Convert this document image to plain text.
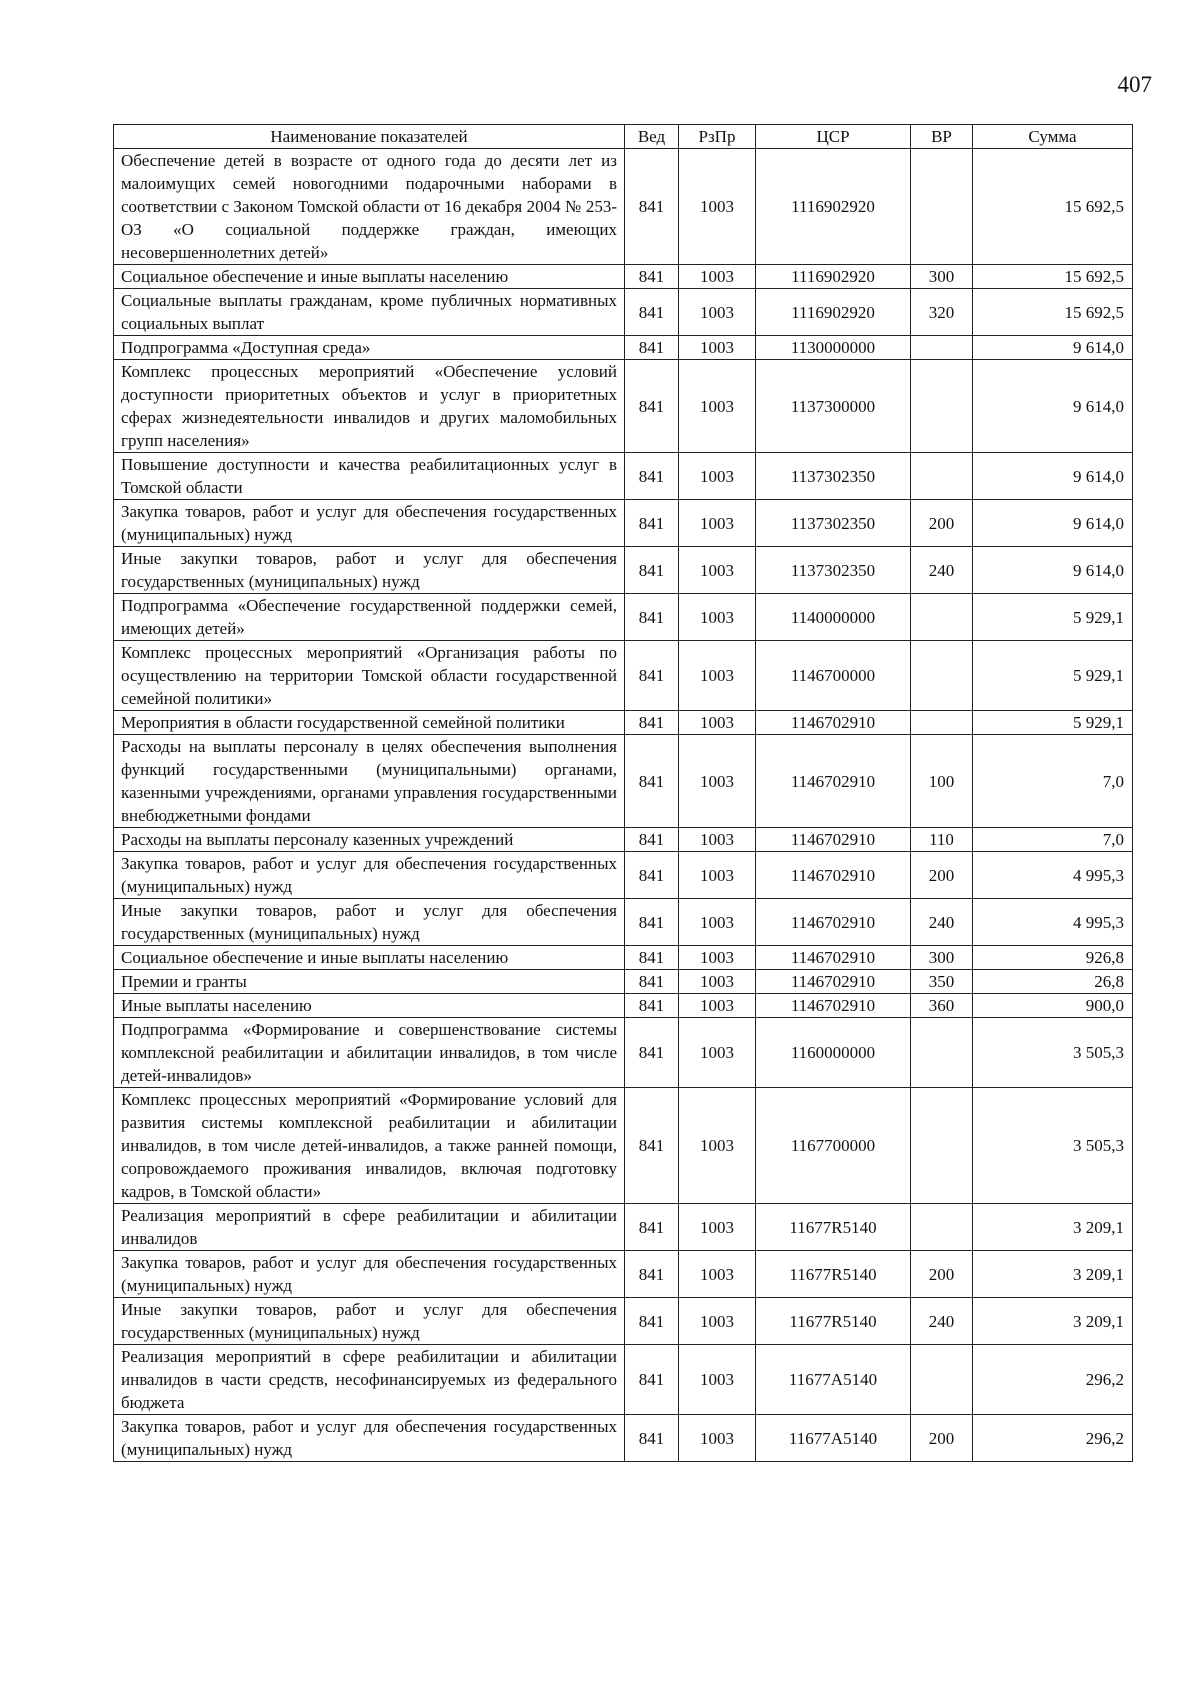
407
Наименование показателей	Вед	РзПр	ЦСР	ВР	Сумма
Обеспечение детей в возрасте от одного года до десяти лет из малоимущих семей новогодними подарочными наборами в соответствии с Законом Томской области от 16 декабря 2004 № 253-ОЗ «О социальной поддержке граждан, имеющих несовершеннолетних детей»	841	1003	1116902920		15 692,5
Социальное обеспечение и иные выплаты населению	841	1003	1116902920	300	15 692,5
Социальные выплаты гражданам, кроме публичных нормативных социальных выплат	841	1003	1116902920	320	15 692,5
Подпрограмма «Доступная среда»	841	1003	1130000000		9 614,0
Комплекс процессных мероприятий «Обеспечение условий доступности приоритетных объектов и услуг в приоритетных сферах жизнедеятельности инвалидов и других маломобильных групп населения»	841	1003	1137300000		9 614,0
Повышение доступности и качества реабилитационных услуг в Томской области	841	1003	1137302350		9 614,0
Закупка товаров, работ и услуг для обеспечения государственных (муниципальных) нужд	841	1003	1137302350	200	9 614,0
Иные закупки товаров, работ и услуг для обеспечения государственных (муниципальных) нужд	841	1003	1137302350	240	9 614,0
Подпрограмма «Обеспечение государственной поддержки семей, имеющих детей»	841	1003	1140000000		5 929,1
Комплекс процессных мероприятий «Организация работы по осуществлению на территории Томской области государственной семейной политики»	841	1003	1146700000		5 929,1
Мероприятия в области государственной семейной политики	841	1003	1146702910		5 929,1
Расходы на выплаты персоналу в целях обеспечения выполнения функций государственными (муниципальными) органами, казенными учреждениями, органами управления государственными внебюджетными фондами	841	1003	1146702910	100	7,0
Расходы на выплаты персоналу казенных учреждений	841	1003	1146702910	110	7,0
Закупка товаров, работ и услуг для обеспечения государственных (муниципальных) нужд	841	1003	1146702910	200	4 995,3
Иные закупки товаров, работ и услуг для обеспечения государственных (муниципальных) нужд	841	1003	1146702910	240	4 995,3
Социальное обеспечение и иные выплаты населению	841	1003	1146702910	300	926,8
Премии и гранты	841	1003	1146702910	350	26,8
Иные выплаты населению	841	1003	1146702910	360	900,0
Подпрограмма «Формирование и совершенствование системы комплексной реабилитации и абилитации инвалидов, в том числе детей-инвалидов»	841	1003	1160000000		3 505,3
Комплекс процессных мероприятий «Формирование условий для развития системы комплексной реабилитации и абилитации инвалидов, в том числе детей-инвалидов, а также ранней помощи, сопровождаемого проживания инвалидов, включая подготовку кадров, в Томской области»	841	1003	1167700000		3 505,3
Реализация мероприятий в сфере реабилитации и абилитации инвалидов	841	1003	11677R5140		3 209,1
Закупка товаров, работ и услуг для обеспечения государственных (муниципальных) нужд	841	1003	11677R5140	200	3 209,1
Иные закупки товаров, работ и услуг для обеспечения государственных (муниципальных) нужд	841	1003	11677R5140	240	3 209,1
Реализация мероприятий в сфере реабилитации и абилитации инвалидов в части средств, несофинансируемых из федерального бюджета	841	1003	11677A5140		296,2
Закупка товаров, работ и услуг для обеспечения государственных (муниципальных) нужд	841	1003	11677A5140	200	296,2
